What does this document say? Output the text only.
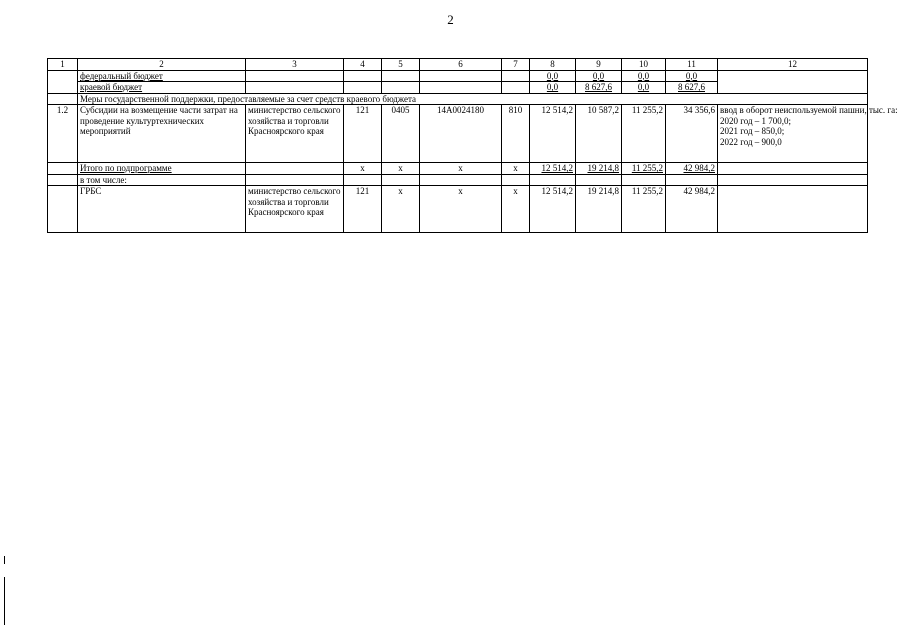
2
1	2	3	4	5	6	7	8	9	10	11	12
	федеральный бюджет						0,0	0,0	0,0	0,0	
	краевой бюджет						0,0	8 627,6	0,0	8 627,6	
	Меры государственной поддержки, предоставляемые за счет средств краевого бюджета										
1.2	Субсидии на возмещение части затрат на проведение культуртехнических мероприятий	министерство сельского хозяйства и торговли Красноярского края	121	0405	14А0024180	810	12 514,2	10 587,2	11 255,2	34 356,6	ввод в оборот неиспользуемой пашни, тыс. га:
2020 год – 1 700,0;
2021 год – 850,0;
2022 год – 900,0

	Итого по подпрограмме		х	х	х	х	12 514,2	19 214,8	11 255,2	42 984,2	
	в том числе:										
	ГРБС	министерство сельского хозяйства и торговли Красноярского края	121	х	х	х	12 514,2	19 214,8	11 255,2	42 984,2	
